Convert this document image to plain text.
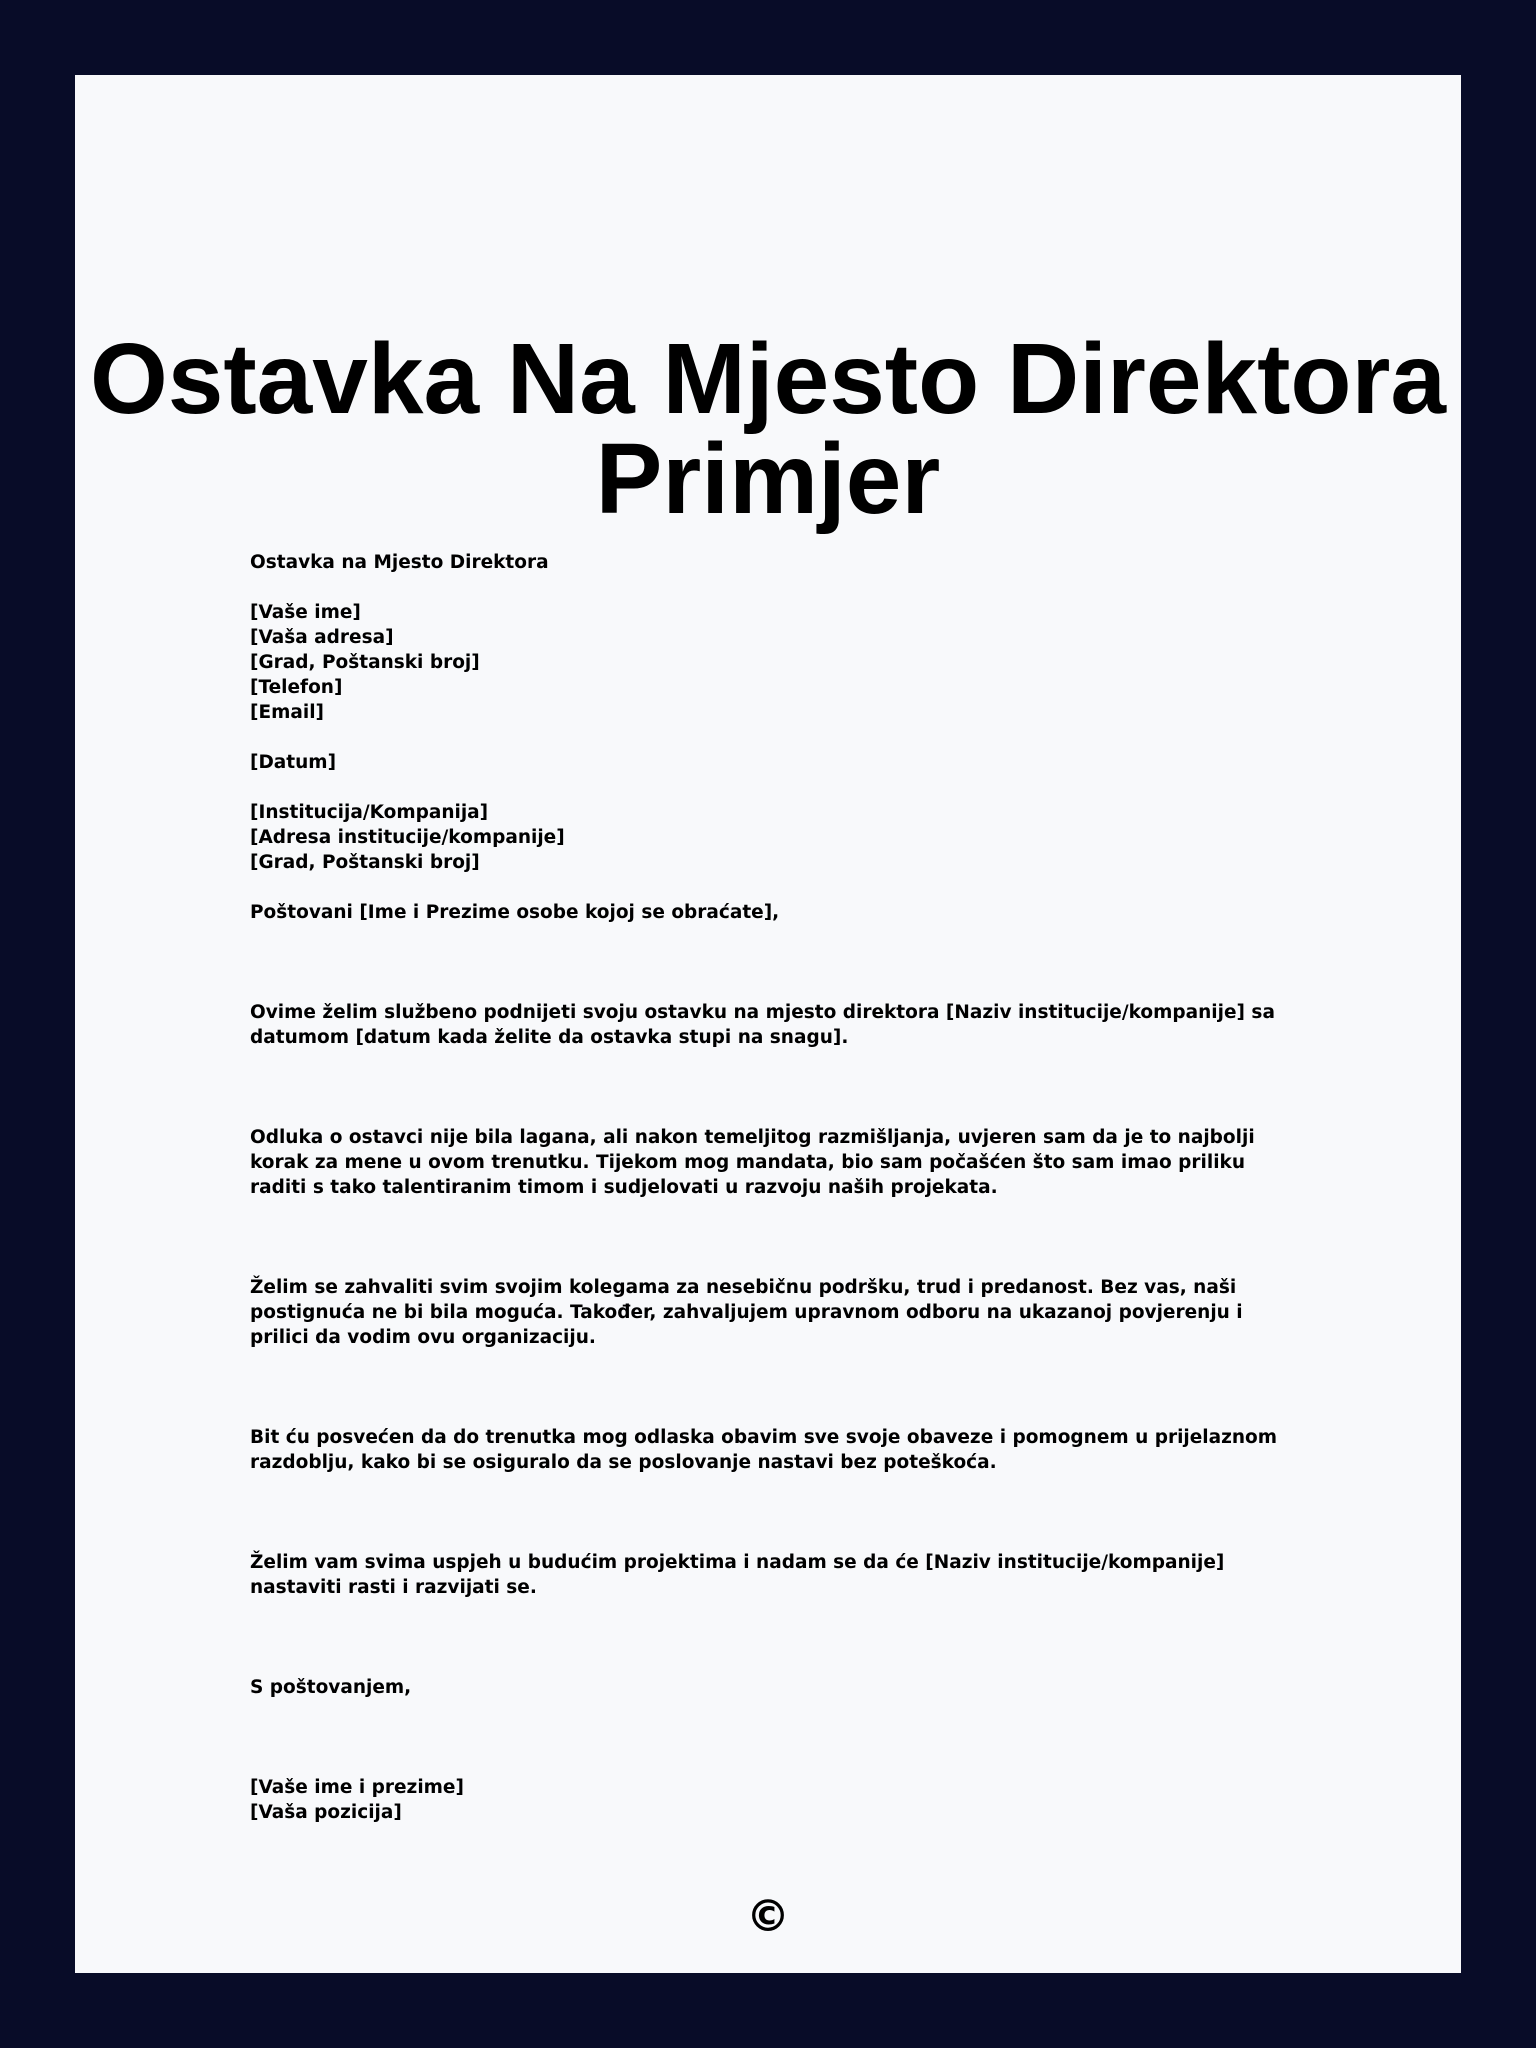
Ostavka Na Mjesto Direktora
Primjer
Ostavka na Mjesto Direktora
[Vaše ime]
[Vaša adresa]
[Grad, Poštanski broj]
[Telefon]
[Email]
[Datum]
[Institucija/Kompanija]
[Adresa institucije/kompanije]
[Grad, Poštanski broj]
Poštovani [Ime i Prezime osobe kojoj se obraćate],
Ovime želim službeno podnijeti svoju ostavku na mjesto direktora [Naziv institucije/kompanije] sa datumom [datum kada želite da ostavka stupi na snagu].
Odluka o ostavci nije bila lagana, ali nakon temeljitog razmišljanja, uvjeren sam da je to najbolji korak za mene u ovom trenutku. Tijekom mog mandata, bio sam počašćen što sam imao priliku raditi s tako talentiranim timom i sudjelovati u razvoju naših projekata.
Želim se zahvaliti svim svojim kolegama za nesebičnu podršku, trud i predanost. Bez vas, naši postignuća ne bi bila moguća. Također, zahvaljujem upravnom odboru na ukazanoj povjerenju i prilici da vodim ovu organizaciju.
Bit ću posvećen da do trenutka mog odlaska obavim sve svoje obaveze i pomognem u prijelaznom razdoblju, kako bi se osiguralo da se poslovanje nastavi bez poteškoća.
Želim vam svima uspjeh u budućim projektima i nadam se da će [Naziv institucije/kompanije] nastaviti rasti i razvijati se.
S poštovanjem,
[Vaše ime i prezime]
[Vaša pozicija]
©
